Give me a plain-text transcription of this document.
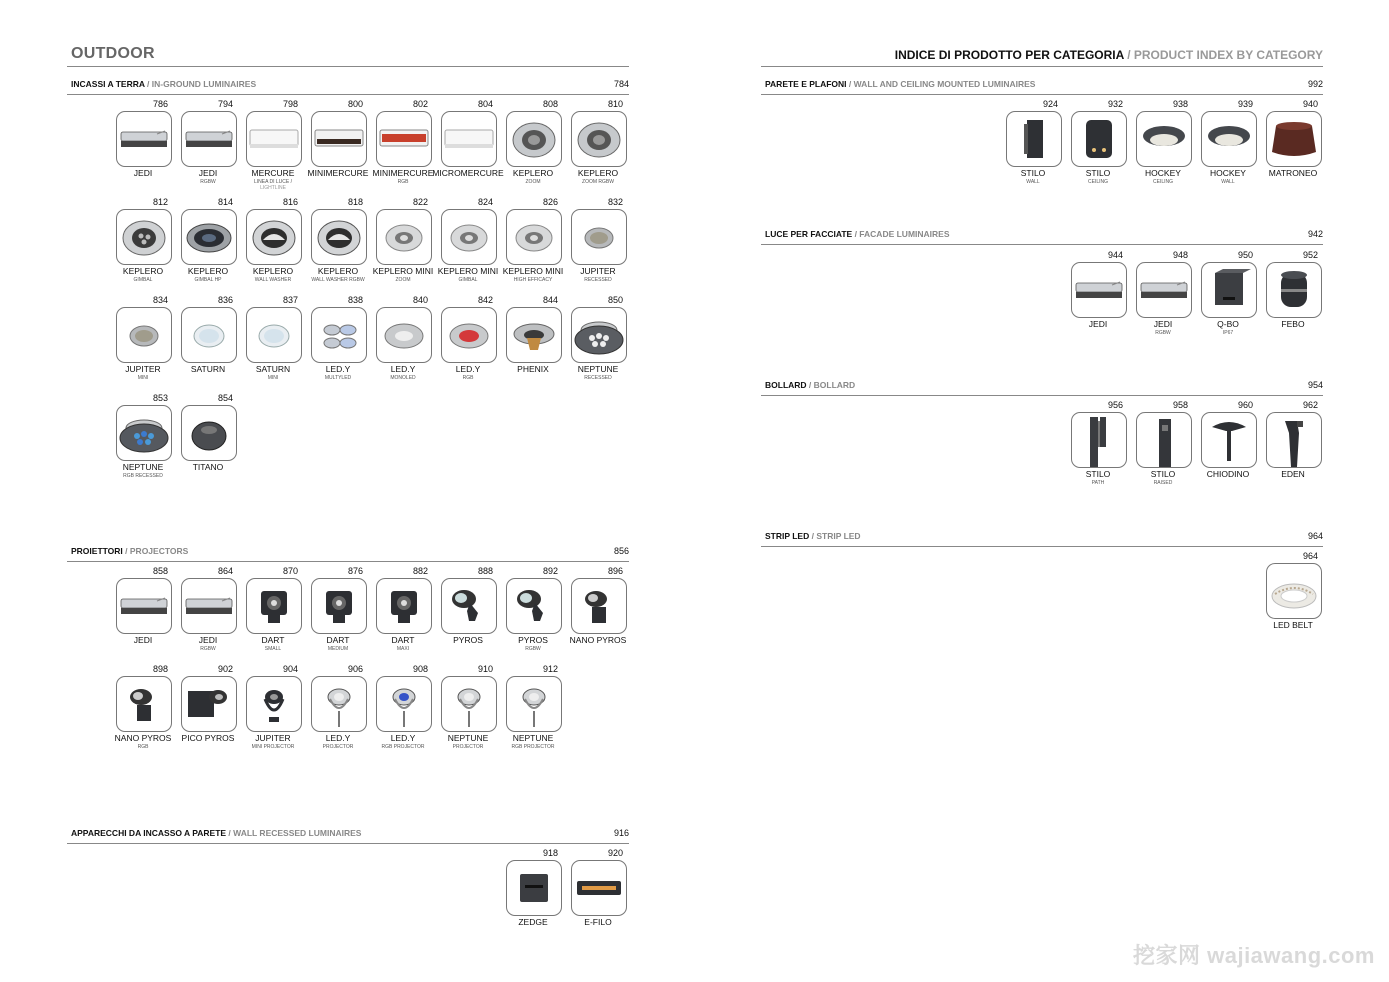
OUTDOOR	INDICE DI PRODOTTO PER CATEGORIA / PRODUCT INDEX BY CATEGORY
INCASSI A TERRA / IN-GROUND LUMINAIRES	784
786
JEDI
794
JEDI
RGBW
798
MERCURE
LINEA DI LUCE /
LIGHTLINE
800
MINIMERCURE
802
MINIMERCURE
RGB
804
MICROMERCURE
808
KEPLERO
ZOOM
810
KEPLERO
ZOOM RGBW
812
KEPLERO
GIMBAL
814
KEPLERO
GIMBAL HP
816
KEPLERO
WALL WASHER
818
KEPLERO
WALL WASHER RGBW
822
KEPLERO MINI
ZOOM
824
KEPLERO MINI
GIMBAL
826
KEPLERO MINI
HIGH EFFICACY
832
JUPITER
RECESSED
834
JUPITER
MINI
836
SATURN
837
SATURN
MINI
838
LED.Y
MULTYLED
840
LED.Y
MONOLED
842
LED.Y
RGB
844
PHENIX
850
NEPTUNE
RECESSED
853
NEPTUNE
RGB RECESSED
854
TITANO
PROIETTORI / PROJECTORS	856
858
JEDI
864
JEDI
RGBW
870
DART
SMALL
876
DART
MEDIUM
882
DART
MAXI
888
PYROS
892
PYROS
RGBW
896
NANO PYROS
898
NANO PYROS
RGB
902
PICO PYROS
904
JUPITER
MINI PROJECTOR
906
LED.Y
PROJECTOR
908
LED.Y
RGB PROJECTOR
910
NEPTUNE
PROJECTOR
912
NEPTUNE
RGB PROJECTOR
APPARECCHI DA INCASSO A PARETE / WALL RECESSED LUMINAIRES	916
918
ZEDGE
920
E-FILO
PARETE E PLAFONI / WALL AND CEILING MOUNTED LUMINAIRES	992
924
STILO
WALL
932
STILO
CEILING
938
HOCKEY
CEILING
939
HOCKEY
WALL
940
MATRONEO
LUCE PER FACCIATE / FACADE LUMINAIRES	942
944
JEDI
948
JEDI
RGBW
950
Q-BO
IP67
952
FEBO
BOLLARD / BOLLARD	954
956
STILO
PATH
958
STILO
RAISED
960
CHIODINO
962
EDEN
STRIP LED / STRIP LED	964
964
LED BELT
挖家网 wajiawang.com
